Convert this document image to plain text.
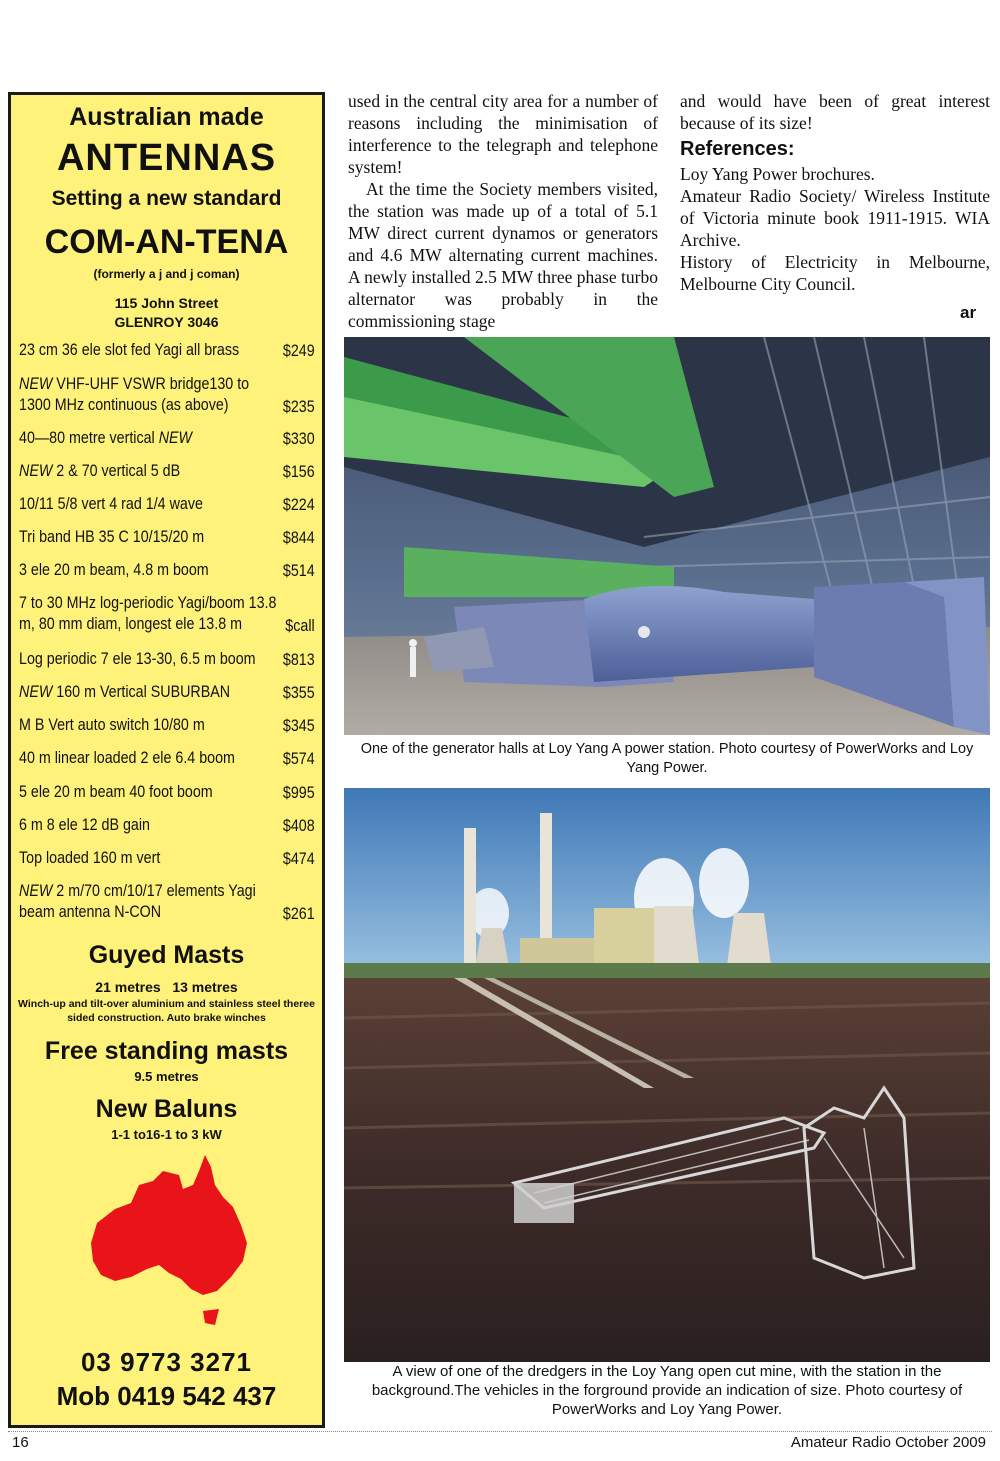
Australian made
ANTENNAS
Setting a new standard
COM-AN-TENA
(formerly a j and j coman)
115 John Street
GLENROY 3046
23 cm 36 ele slot fed Yagi all brass	$249
NEW VHF-UHF VSWR bridge130 to 1300 MHz continuous (as above)	$235
40—80 metre vertical NEW	$330
NEW 2 & 70 vertical 5 dB	$156
10/11 5/8 vert 4 rad 1/4 wave	$224
Tri band HB 35 C 10/15/20 m	$844
3 ele 20 m beam, 4.8 m boom	$514
7 to 30 MHz log-periodic Yagi/boom 13.8 m, 80 mm diam, longest ele 13.8 m	$call
Log periodic 7 ele 13-30, 6.5 m boom $813
NEW 160 m Vertical SUBURBAN	$355
M B Vert auto switch 10/80 m	$345
40 m linear loaded 2 ele 6.4 boom	$574
5 ele 20 m beam 40 foot boom	$995
6 m 8 ele 12 dB gain	$408
Top loaded 160 m vert	$474
NEW 2 m/70 cm/10/17 elements Yagi beam antenna N-CON	$261
Guyed Masts
21 metres   13 metres
Winch-up and tilt-over aluminium and stainless steel theree sided construction. Auto brake winches
Free standing masts
9.5 metres
New Baluns
1-1 to16-1 to 3 kW
03 9773 3271
Mob 0419 542 437

used in the central city area for a number of reasons including the minimisation of interference to the telegraph and telephone system!

At the time the Society members visited, the station was made up of a total of 5.1 MW direct current dynamos or generators and 4.6 MW alternating current machines. A newly installed 2.5 MW three phase turbo alternator was probably in the commissioning stage

and would have been of great interest because of its size!

References:

Loy Yang Power brochures.

Amateur Radio Society/ Wireless Institute of Victoria minute book 1911-1915. WIA Archive.

History of Electricity in Melbourne, Melbourne City Council.

ar
One of the generator halls at Loy Yang A power station. Photo courtesy of PowerWorks and Loy Yang Power.
A view of one of the dredgers in the Loy Yang open cut mine, with the station in the background.The vehicles in the forground provide an indication of size. Photo courtesy of PowerWorks and Loy Yang Power.
16	Amateur Radio October 2009
